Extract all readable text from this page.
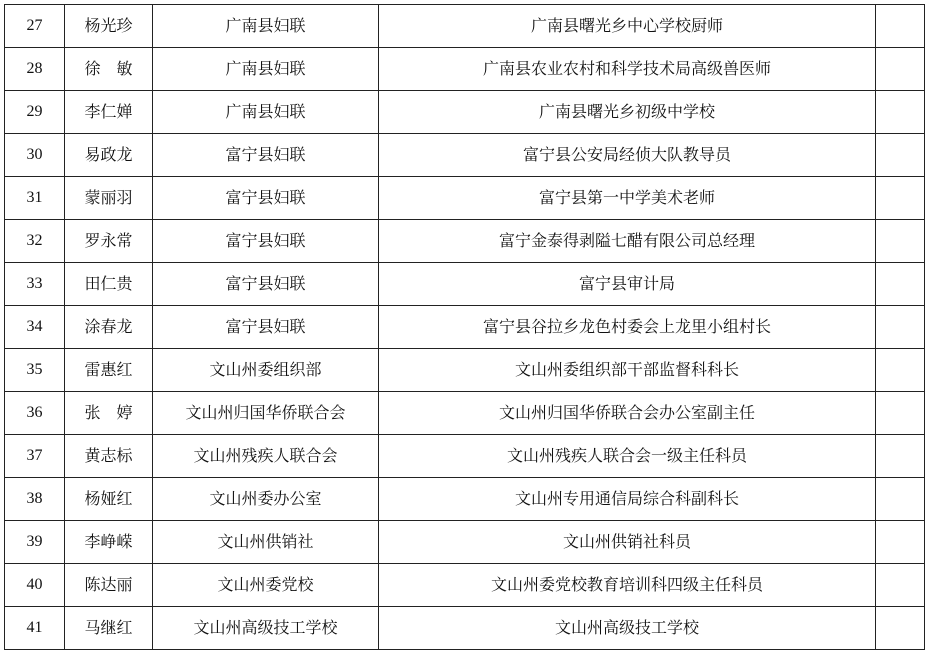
27	杨光珍	广南县妇联	广南县曙光乡中心学校厨师	
28	徐　敏	广南县妇联	广南县农业农村和科学技术局高级兽医师	
29	李仁婵	广南县妇联	广南县曙光乡初级中学校	
30	易政龙	富宁县妇联	富宁县公安局经侦大队教导员	
31	蒙丽羽	富宁县妇联	富宁县第一中学美术老师	
32	罗永常	富宁县妇联	富宁金泰得剥隘七醋有限公司总经理	
33	田仁贵	富宁县妇联	富宁县审计局	
34	涂春龙	富宁县妇联	富宁县谷拉乡龙色村委会上龙里小组村长	
35	雷惠红	文山州委组织部	文山州委组织部干部监督科科长	
36	张　婷	文山州归国华侨联合会	文山州归国华侨联合会办公室副主任	
37	黄志标	文山州残疾人联合会	文山州残疾人联合会一级主任科员	
38	杨娅红	文山州委办公室	文山州专用通信局综合科副科长	
39	李峥嵘	文山州供销社	文山州供销社科员	
40	陈达丽	文山州委党校	文山州委党校教育培训科四级主任科员	
41	马继红	文山州高级技工学校	文山州高级技工学校	
